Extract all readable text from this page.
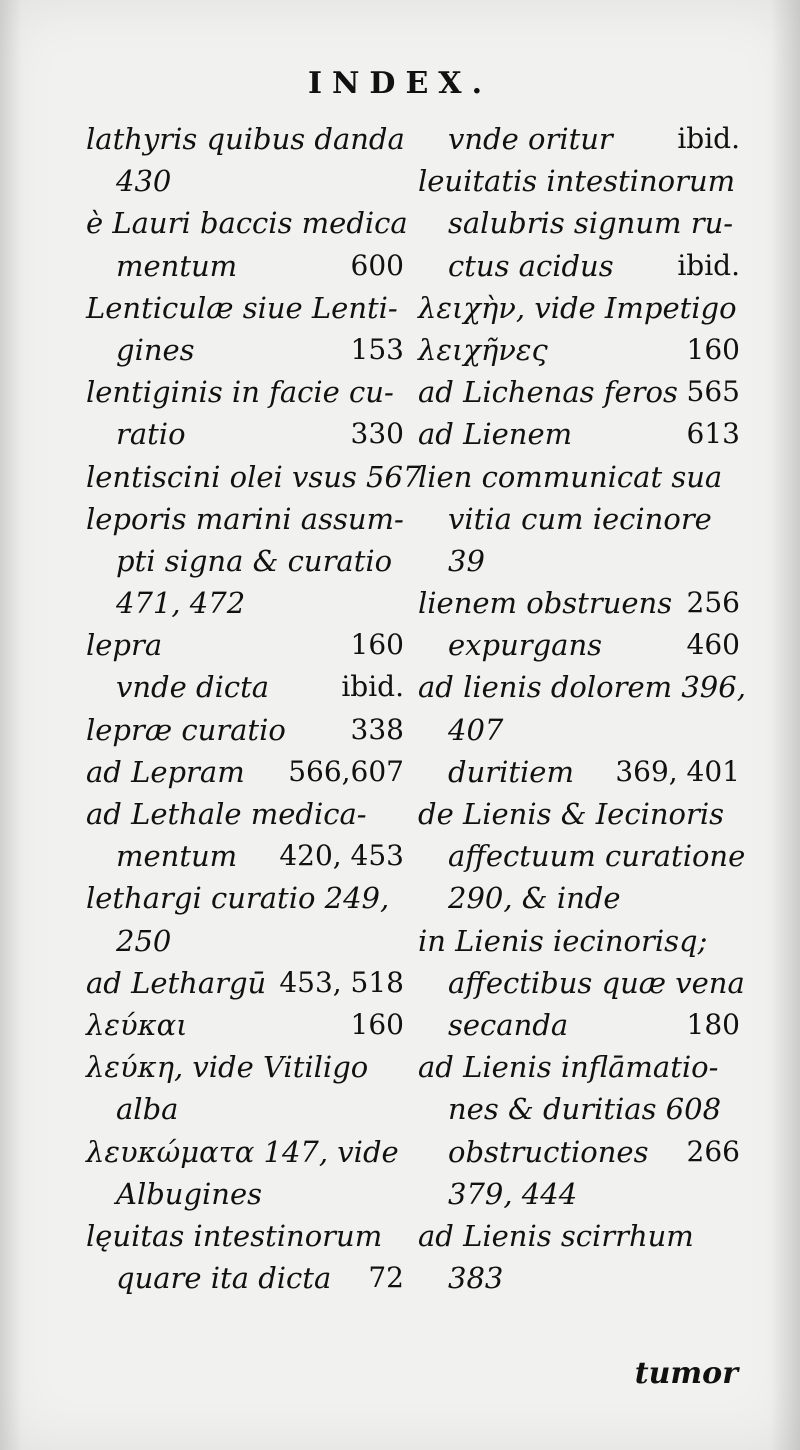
INDEX.
lathyris quibus danda
430
è Lauri baccis medica
mentum	600
Lenticulæ siue Lenti-
gines	153
lentiginis in facie cu-
ratio	330
lentiscini olei vsus 567
leporis marini assum-
pti signa & curatio
471, 472
lepra	160
vnde dicta	ibid.
lepræ curatio 338
ad Lepram 566,607
ad Lethale medica-
mentum 420, 453
lethargi curatio 249,
250
ad Lethargū 453, 518
λεύκαι	160
λεύκη, vide Vitiligo
alba
λευκώματα 147, vide
Albugines
lęuitas intestinorum
quare ita dicta 72
vnde oritur ibid.
leuitatis intestinorum
salubris signum ru-
ctus acidus ibid.
λειχὴν, vide Impetigo
λειχῆνες	160
ad Lichenas feros 565
ad Lienem	613
lien communicat sua
vitia cum iecinore
39
lienem obstruens 256
expurgans	460
ad lienis dolorem 396,
407
duritiem 369, 401
de Lienis & Iecinoris
affectuum curatione
290, & inde
in Lienis iecinorisq;
affectibus quæ vena
secanda	180
ad Lienis inflāmatio-
nes & duritias 608
obstructiones 266
379, 444
ad Lienis scirrhum
383
tumor
